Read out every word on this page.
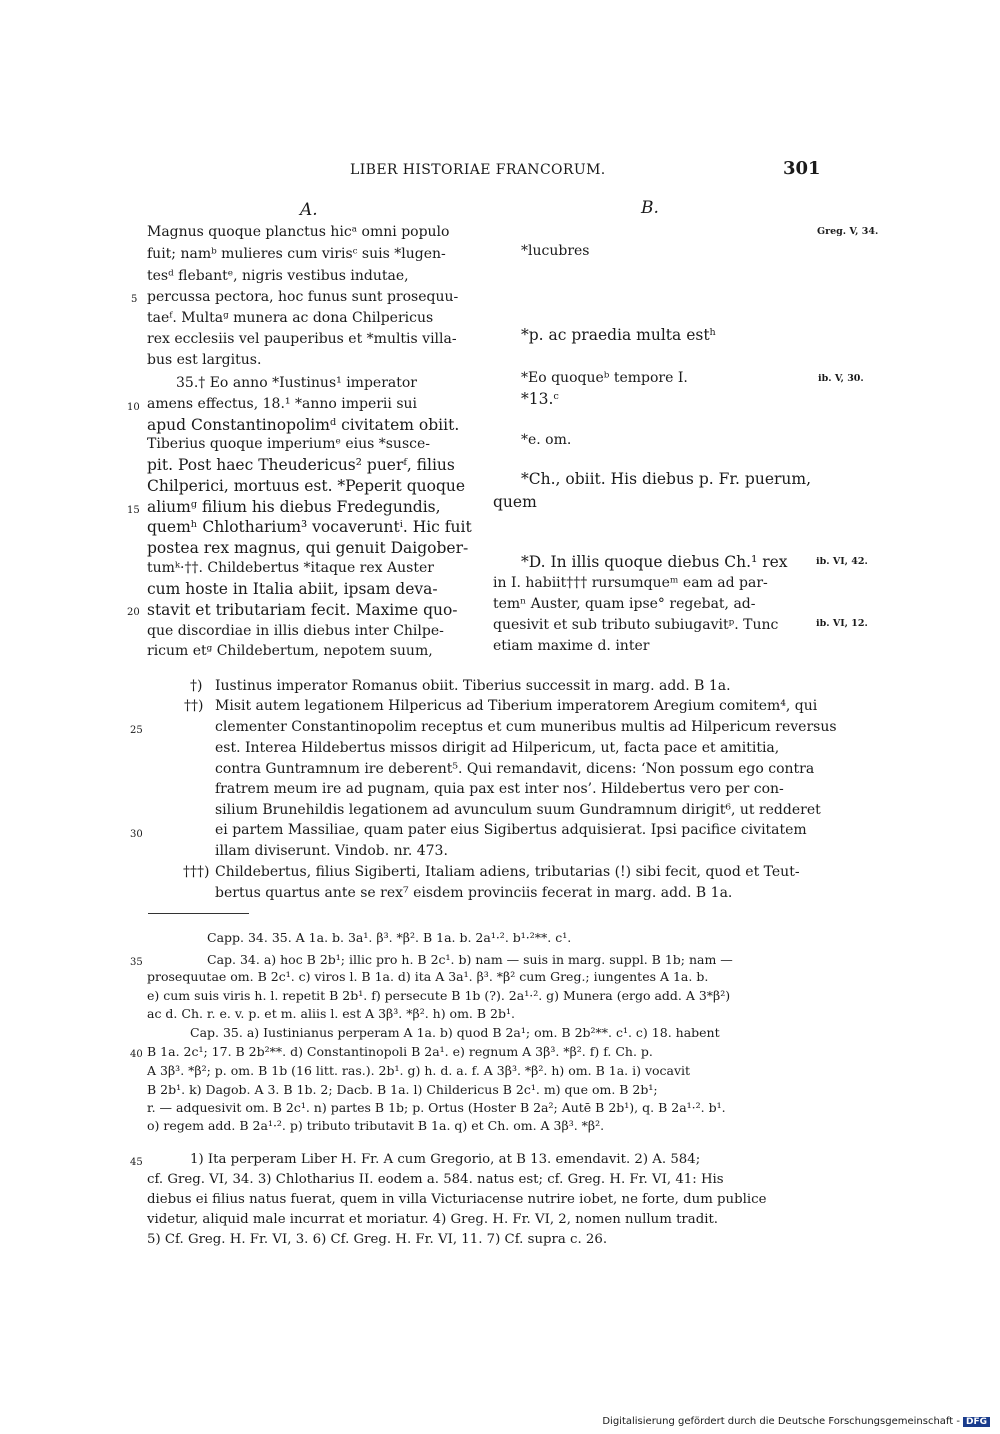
LIBER HISTORIAE FRANCORUM.	301
A.	B.
Greg. V, 34.
ib. V, 30.
ib. VI, 42.
ib. VI, 12.
5
10
15
20
25
30
35
40
45
Magnus quoque planctus hicᵃ omni populo
fuit; namᵇ mulieres cum virisᶜ suis *lugen-
tesᵈ flebantᵉ, nigris vestibus indutae,
percussa pectora, hoc funus sunt prosequu-
taeᶠ. Multaᵍ munera ac dona Chilpericus
rex ecclesiis vel pauperibus et *multis villa-
bus est largitus.
35.† Eo anno *Iustinus¹ imperator
amens effectus, 18.¹ *anno imperii sui
apud Constantinopolimᵈ civitatem obiit.
Tiberius quoque imperiumᵉ eius *susce-
pit. Post haec Theudericus² puerᶠ, filius
Chilperici, mortuus est. *Peperit quoque
aliumᵍ filium his diebus Fredegundis,
quemʰ Chlotharium³ vocaveruntⁱ. Hic fuit
postea rex magnus, qui genuit Daigober-
tumᵏ·††. Childebertus *itaque rex Auster
cum hoste in Italia abiit, ipsam deva-
stavit et tributariam fecit. Maxime quo-
que discordiae in illis diebus inter Chilpe-
ricum etᵍ Childebertum, nepotem suum,
*lucubres
*p. ac praedia multa estʰ
*Eo quoqueᵇ tempore I.
*13.ᶜ
*e. om.
*Ch., obiit. His diebus p. Fr. puerum,
quem
*D. In illis quoque diebus Ch.¹ rex
in I. habiit††† rursumqueᵐ eam ad par-
temⁿ Auster, quam ipse° regebat, ad-
quesivit et sub tributo subiugavitᵖ. Tunc
etiam maxime d. inter
†) Iustinus imperator Romanus obiit. Tiberius successit in marg. add. B 1a.
††) Misit autem legationem Hilpericus ad Tiberium imperatorem Aregium comitem⁴, qui
clementer Constantinopolim receptus et cum muneribus multis ad Hilpericum reversus
est. Interea Hildebertus missos dirigit ad Hilpericum, ut, facta pace et amititia,
contra Guntramnum ire deberent⁵. Qui remandavit, dicens: ‘Non possum ego contra
fratrem meum ire ad pugnam, quia pax est inter nos’. Hildebertus vero per con-
silium Brunehildis legationem ad avunculum suum Gundramnum dirigit⁶, ut redderet
ei partem Massiliae, quam pater eius Sigibertus adquisierat. Ipsi pacifice civitatem
illam diviserunt. Vindob. nr. 473.
†††) Childebertus, filius Sigiberti, Italiam adiens, tributarias (!) sibi fecit, quod et Teut-
bertus quartus ante se rex⁷ eisdem provinciis fecerat in marg. add. B 1a.
Capp. 34. 35. A 1a. b. 3a¹. β³. *β². B 1a. b. 2a¹·². b¹·²**. c¹.
Cap. 34. a) hoc B 2b¹; illic pro h. B 2c¹. b) nam — suis in marg. suppl. B 1b; nam —
prosequutae om. B 2c¹. c) viros l. B 1a. d) ita A 3a¹. β³. *β² cum Greg.; iungentes A 1a. b.
e) cum suis viris h. l. repetit B 2b¹. f) persecute B 1b (?). 2a¹·². g) Munera (ergo add. A 3*β²)
ac d. Ch. r. e. v. p. et m. aliis l. est A 3β³. *β². h) om. B 2b¹.
Cap. 35. a) Iustinianus perperam A 1a. b) quod B 2a¹; om. B 2b²**. c¹. c) 18. habent
B 1a. 2c¹; 17. B 2b²**. d) Constantinopoli B 2a¹. e) regnum A 3β³. *β². f) f. Ch. p.
A 3β³. *β²; p. om. B 1b (16 litt. ras.). 2b¹. g) h. d. a. f. A 3β³. *β². h) om. B 1a. i) vocavit
B 2b¹. k) Dagob. A 3. B 1b. 2; Dacb. B 1a. l) Childericus B 2c¹. m) que om. B 2b¹;
r. — adquesivit om. B 2c¹. n) partes B 1b; p. Ortus (Hoster B 2a²; Autē B 2b¹), q. B 2a¹·². b¹.
o) regem add. B 2a¹·². p) tributo tributavit B 1a. q) et Ch. om. A 3β³. *β².
1) Ita perperam Liber H. Fr. A cum Gregorio, at B 13. emendavit. 2) A. 584;
cf. Greg. VI, 34. 3) Chlotharius II. eodem a. 584. natus est; cf. Greg. H. Fr. VI, 41: His
diebus ei filius natus fuerat, quem in villa Victuriacense nutrire iobet, ne forte, dum publice
videtur, aliquid male incurrat et moriatur. 4) Greg. H. Fr. VI, 2, nomen nullum tradit.
5) Cf. Greg. H. Fr. VI, 3. 6) Cf. Greg. H. Fr. VI, 11. 7) Cf. supra c. 26.
Digitalisierung gefördert durch die Deutsche Forschungsgemeinschaft - DFG
